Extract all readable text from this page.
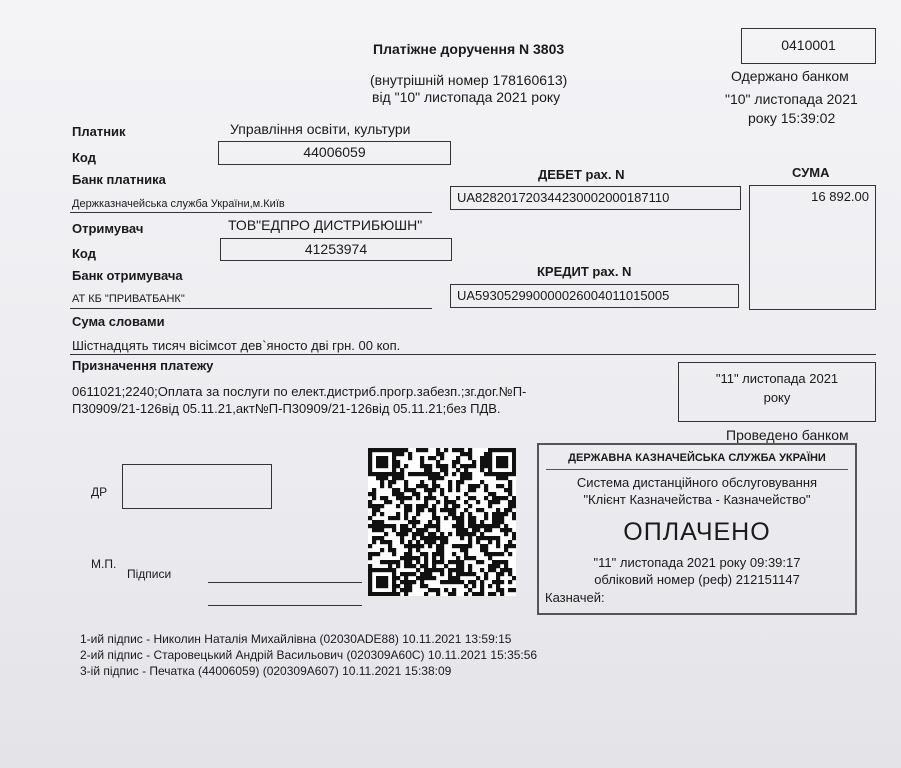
Платіжне доручення N 3803	0410001
(внутрішній номер 178160613)
від "10" листопада 2021 року
Одержано банком
"10" листопада 2021
року 15:39:02
Платник	Управління освіти, культури
Код	44006059
Банк платника
Держказначейська служба України,м.Київ
ДЕБЕТ рах. N
UA828201720344230002000187110
СУМА
16 892.00
Отримувач	ТОВ"ЕДПРО ДИСТРИБЮШН"
Код	41253974
Банк отримувача
АТ КБ "ПРИВАТБАНК"
КРЕДИТ рах. N
UA593052990000026004011015005
Сума словами
Шістнадцять тисяч вісімсот дев`яносто дві грн. 00 коп.
Призначення платежу
0611021;2240;Оплата за послуги по елект.дистриб.прогр.забезп.;зг.дог.№П-
П30909/21-126від 05.11.21,акт№П-П30909/21-126від 05.11.21;без ПДВ.
"11" листопада 2021
року
Проведено банком
ДР
М.П.
Підписи
ДЕРЖАВНА КАЗНАЧЕЙСЬКА СЛУЖБА УКРАЇНИ
Система дистанційного обслуговування
"Клієнт Казначейства - Казначейство"
ОПЛАЧЕНО
"11" листопада 2021 року 09:39:17
обліковий номер (реф) 212151147
Казначей:
1-ий підпис - Николин Наталія Михайлівна (02030ADE88) 10.11.2021 13:59:15
2-ий підпис - Старовецький Андрій Васильович (020309A60C) 10.11.2021 15:35:56
3-ій підпис - Печатка (44006059) (020309A607) 10.11.2021 15:38:09
